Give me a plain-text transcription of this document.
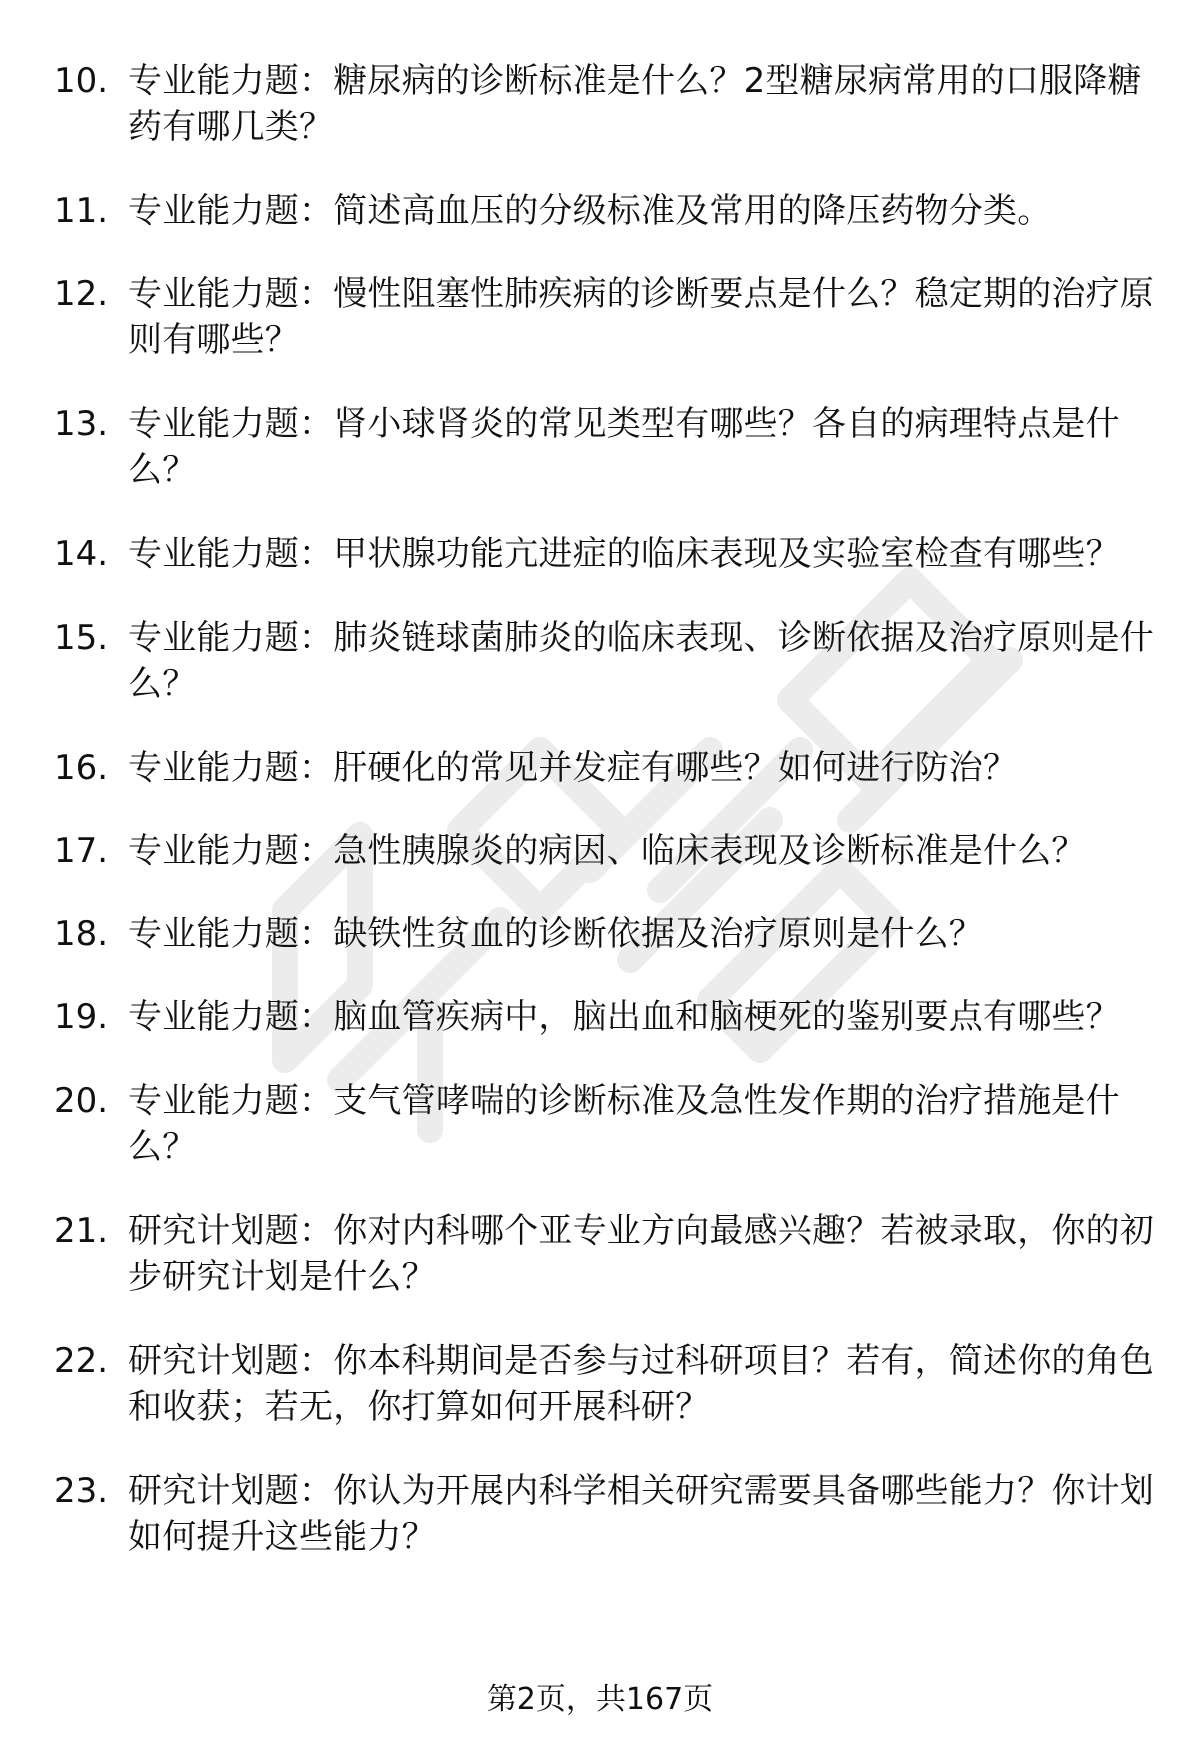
10. 专业能力题：糖尿病的诊断标准是什么？2型糖尿病常用的口服降糖药有哪几类？
11. 专业能力题：简述高血压的分级标准及常用的降压药物分类。
12. 专业能力题：慢性阻塞性肺疾病的诊断要点是什么？稳定期的治疗原则有哪些？
13. 专业能力题：肾小球肾炎的常见类型有哪些？各自的病理特点是什么？
14. 专业能力题：甲状腺功能亢进症的临床表现及实验室检查有哪些？
15. 专业能力题：肺炎链球菌肺炎的临床表现、诊断依据及治疗原则是什么？
16. 专业能力题：肝硬化的常见并发症有哪些？如何进行防治？
17. 专业能力题：急性胰腺炎的病因、临床表现及诊断标准是什么？
18. 专业能力题：缺铁性贫血的诊断依据及治疗原则是什么？
19. 专业能力题：脑血管疾病中，脑出血和脑梗死的鉴别要点有哪些？
20. 专业能力题：支气管哮喘的诊断标准及急性发作期的治疗措施是什么？
21. 研究计划题：你对内科哪个亚专业方向最感兴趣？若被录取，你的初步研究计划是什么？
22. 研究计划题：你本科期间是否参与过科研项目？若有，简述你的角色和收获；若无，你打算如何开展科研？
23. 研究计划题：你认为开展内科学相关研究需要具备哪些能力？你计划如何提升这些能力？
第2页，共167页
